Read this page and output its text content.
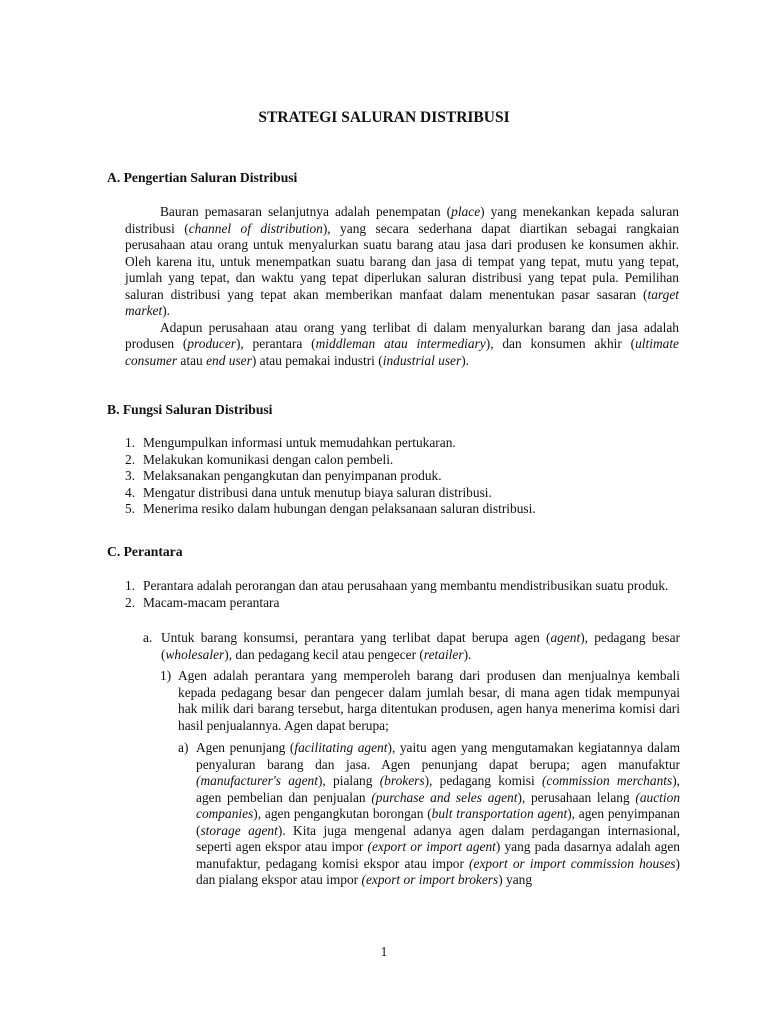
STRATEGI SALURAN DISTRIBUSI
A. Pengertian Saluran Distribusi

Bauran pemasaran selanjutnya adalah penempatan (place) yang menekankan kepada saluran distribusi (channel of distribution), yang secara sederhana dapat diartikan sebagai rangkaian perusahaan atau orang untuk menyalurkan suatu barang atau jasa dari produsen ke konsumen akhir. Oleh karena itu, untuk menempatkan suatu barang dan jasa di tempat yang tepat, mutu yang tepat, jumlah yang tepat, dan waktu yang tepat diperlukan saluran distribusi yang tepat pula. Pemilihan saluran distribusi yang tepat akan memberikan manfaat dalam menentukan pasar sasaran (target market).

Adapun perusahaan atau orang yang terlibat di dalam menyalurkan barang dan jasa adalah produsen (producer), perantara (middleman atau intermediary), dan konsumen akhir (ultimate consumer atau end user) atau pemakai industri (industrial user).

B. Fungsi Saluran Distribusi
1. Mengumpulkan informasi untuk memudahkan pertukaran.
2. Melakukan komunikasi dengan calon pembeli.
3. Melaksanakan pengangkutan dan penyimpanan produk.
4. Mengatur distribusi dana untuk menutup biaya saluran distribusi.
5. Menerima resiko dalam hubungan dengan pelaksanaan saluran distribusi.
C. Perantara
1. Perantara adalah perorangan dan atau perusahaan yang membantu mendistribusikan suatu produk.
2. Macam-macam perantara
a. Untuk barang konsumsi, perantara yang terlibat dapat berupa agen (agent), pedagang besar (wholesaler), dan pedagang kecil atau pengecer (retailer).
1) Agen adalah perantara yang memperoleh barang dari produsen dan menjualnya kembali kepada pedagang besar dan pengecer dalam jumlah besar, di mana agen tidak mempunyai hak milik dari barang tersebut, harga ditentukan produsen, agen hanya menerima komisi dari hasil penjualannya. Agen dapat berupa;
a) Agen penunjang (facilitating agent), yaitu agen yang mengutamakan kegiatannya dalam penyaluran barang dan jasa. Agen penunjang dapat berupa; agen manufaktur (manufacturer's agent), pialang (brokers), pedagang komisi (commission merchants), agen pembelian dan penjualan (purchase and seles agent), perusahaan lelang (auction companies), agen pengangkutan borongan (bult transportation agent), agen penyimpanan (storage agent). Kita juga mengenal adanya agen dalam perdagangan internasional, seperti agen ekspor atau impor (export or import agent) yang pada dasarnya adalah agen manufaktur, pedagang komisi ekspor atau impor (export or import commission houses) dan pialang ekspor atau impor (export or import brokers) yang
1
